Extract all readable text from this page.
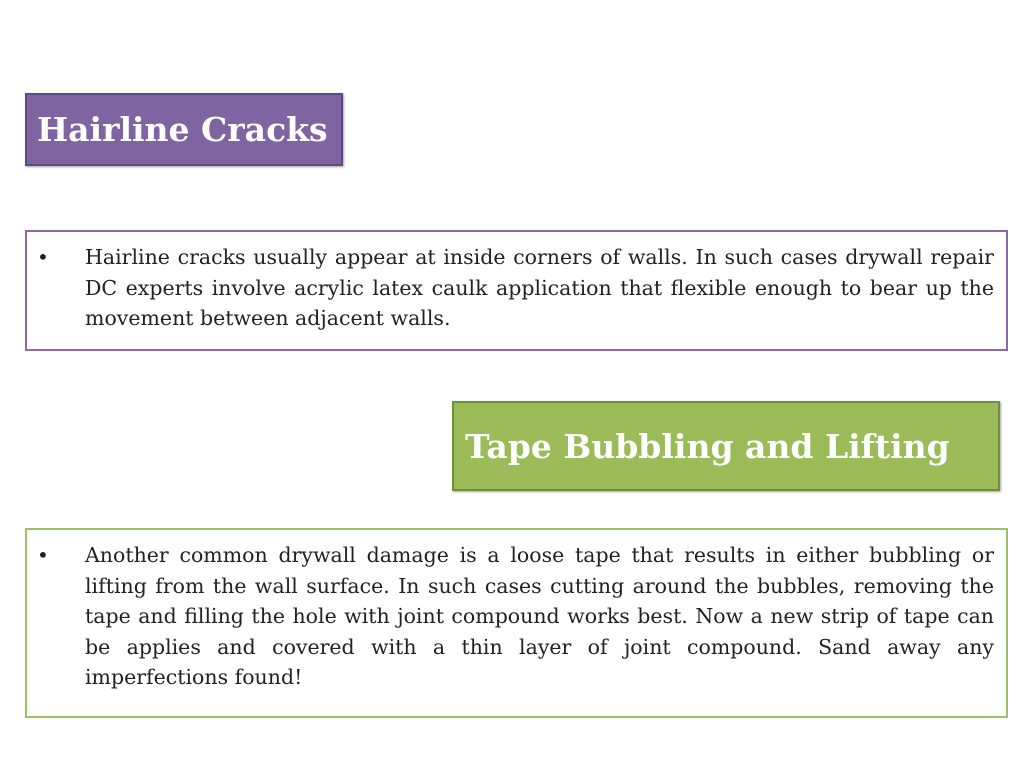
Hairline Cracks
•	Hairline cracks usually appear at inside corners of walls. In such cases drywall repair DC experts involve acrylic latex caulk application that flexible enough to bear up the movement between adjacent walls.
Tape Bubbling and Lifting
•	Another common drywall damage is a loose tape that results in either bubbling or lifting from the wall surface. In such cases cutting around the bubbles, removing the tape and filling the hole with joint compound works best. Now a new strip of tape can be applies and covered with a thin layer of joint compound. Sand away any imperfections found!
